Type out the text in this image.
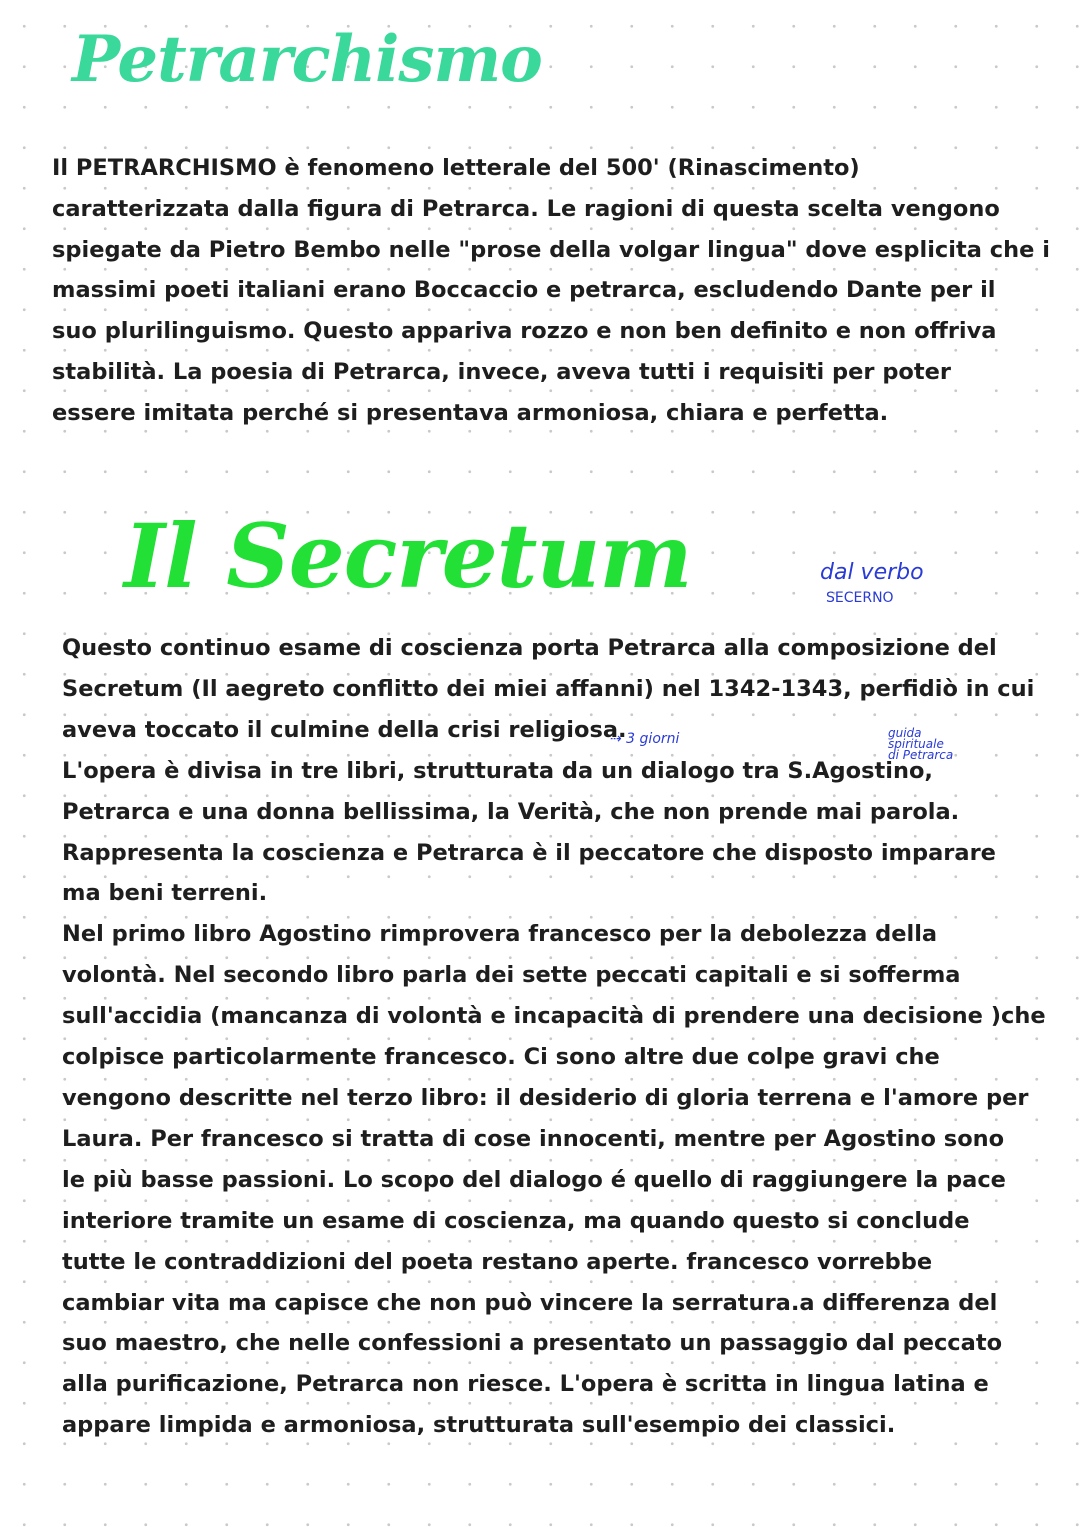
Petrarchismo
Il PETRARCHISMO è fenomeno letterale del 500' (Rinascimento)
caratterizzata dalla figura di Petrarca. Le ragioni di questa scelta vengono
spiegate da Pietro Bembo nelle "prose della volgar lingua" dove esplicita che i
massimi poeti italiani erano Boccaccio e petrarca, escludendo Dante per il
suo plurilinguismo. Questo appariva rozzo e non ben definito e non offriva
stabilità. La poesia di Petrarca, invece, aveva tutti i requisiti per poter
essere imitata perché si presentava armoniosa, chiara e perfetta.
Il Secretum	dal verbo
SECERNO
⇢ 3 giorni	guida
spirituale
di Petrarca
Questo continuo esame di coscienza porta Petrarca alla composizione del
Secretum (Il aegreto conflitto dei miei affanni) nel 1342-1343, perfidiò in cui
aveva toccato il culmine della crisi religiosa.
L'opera è divisa in tre libri, strutturata da un dialogo tra S.Agostino,
Petrarca e una donna bellissima, la Verità, che non prende mai parola.
Rappresenta la coscienza e Petrarca è il peccatore che disposto imparare
ma beni terreni.
Nel primo libro Agostino rimprovera francesco per la debolezza della
volontà. Nel secondo libro parla dei sette peccati capitali e si sofferma
sull'accidia (mancanza di volontà e incapacità di prendere una decisione )che
colpisce particolarmente francesco. Ci sono altre due colpe gravi che
vengono descritte nel terzo libro: il desiderio di gloria terrena e l'amore per
Laura. Per francesco si tratta di cose innocenti, mentre per Agostino sono
le più basse passioni. Lo scopo del dialogo é quello di raggiungere la pace
interiore tramite un esame di coscienza, ma quando questo si conclude
tutte le contraddizioni del poeta restano aperte. francesco vorrebbe
cambiar vita ma capisce che non può vincere la serratura.a differenza del
suo maestro, che nelle confessioni a presentato un passaggio dal peccato
alla purificazione, Petrarca non riesce. L'opera è scritta in lingua latina e
appare limpida e armoniosa, strutturata sull'esempio dei classici.
